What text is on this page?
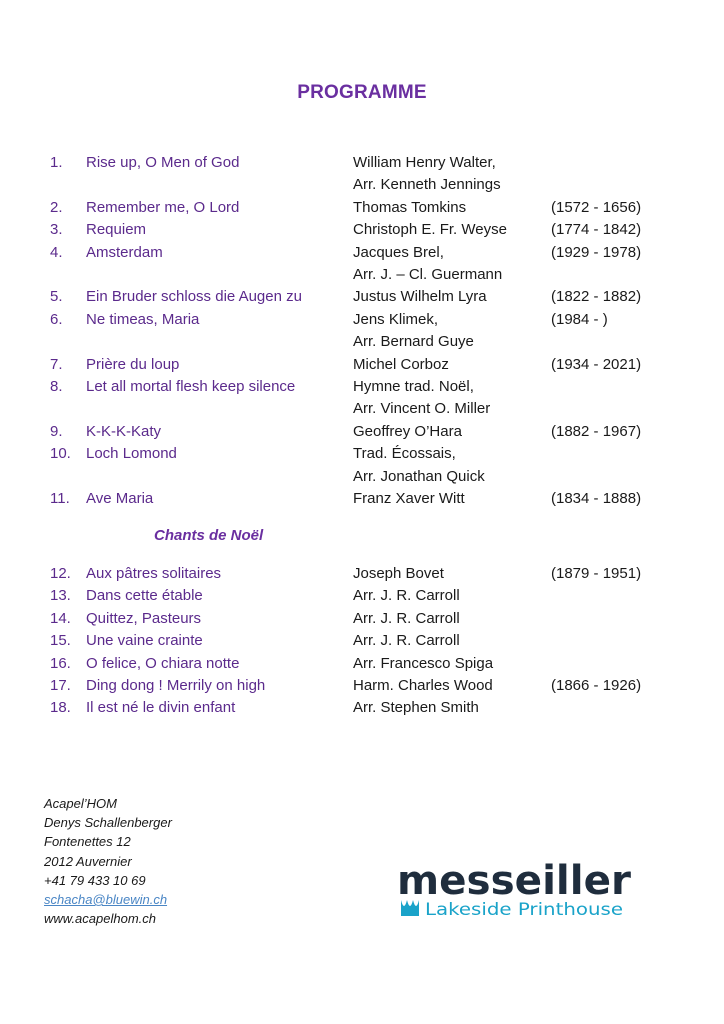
PROGRAMME
1. Rise up, O Men of God	William Henry Walter,
Arr. Kenneth Jennings
2. Remember me, O Lord	Thomas Tomkins	(1572 - 1656)
3. Requiem	Christoph E. Fr. Weyse	(1774 - 1842)
4. Amsterdam	Jacques Brel,	(1929 - 1978)
Arr. J. – Cl. Guermann
5. Ein Bruder schloss die Augen zu	Justus Wilhelm Lyra	(1822 - 1882)
6. Ne timeas, Maria	Jens Klimek,	(1984 - )
Arr. Bernard Guye
7. Prière du loup	Michel Corboz	(1934 - 2021)
8. Let all mortal flesh keep silence	Hymne trad. Noël,
Arr. Vincent O. Miller
9. K-K-K-Katy	Geoffrey O’Hara	(1882 - 1967)
10. Loch Lomond	Trad. Écossais,
Arr. Jonathan Quick
11. Ave Maria	Franz Xaver Witt	(1834 - 1888)
Chants de Noël
12. Aux pâtres solitaires	Joseph Bovet	(1879 - 1951)
13. Dans cette étable	Arr. J. R. Carroll
14. Quittez, Pasteurs	Arr. J. R. Carroll
15. Une vaine crainte	Arr. J. R. Carroll
16. O felice, O chiara notte	Arr. Francesco Spiga
17. Ding dong ! Merrily on high	Harm. Charles Wood	(1866 - 1926)
18. Il est né le divin enfant	Arr. Stephen Smith
Acapel’HOM
Denys Schallenberger
Fontenettes 12
2012 Auvernier
+41 79 433 10 69
schacha@bluewin.ch
www.acapelhom.ch
messeiller
Lakeside Printhouse
